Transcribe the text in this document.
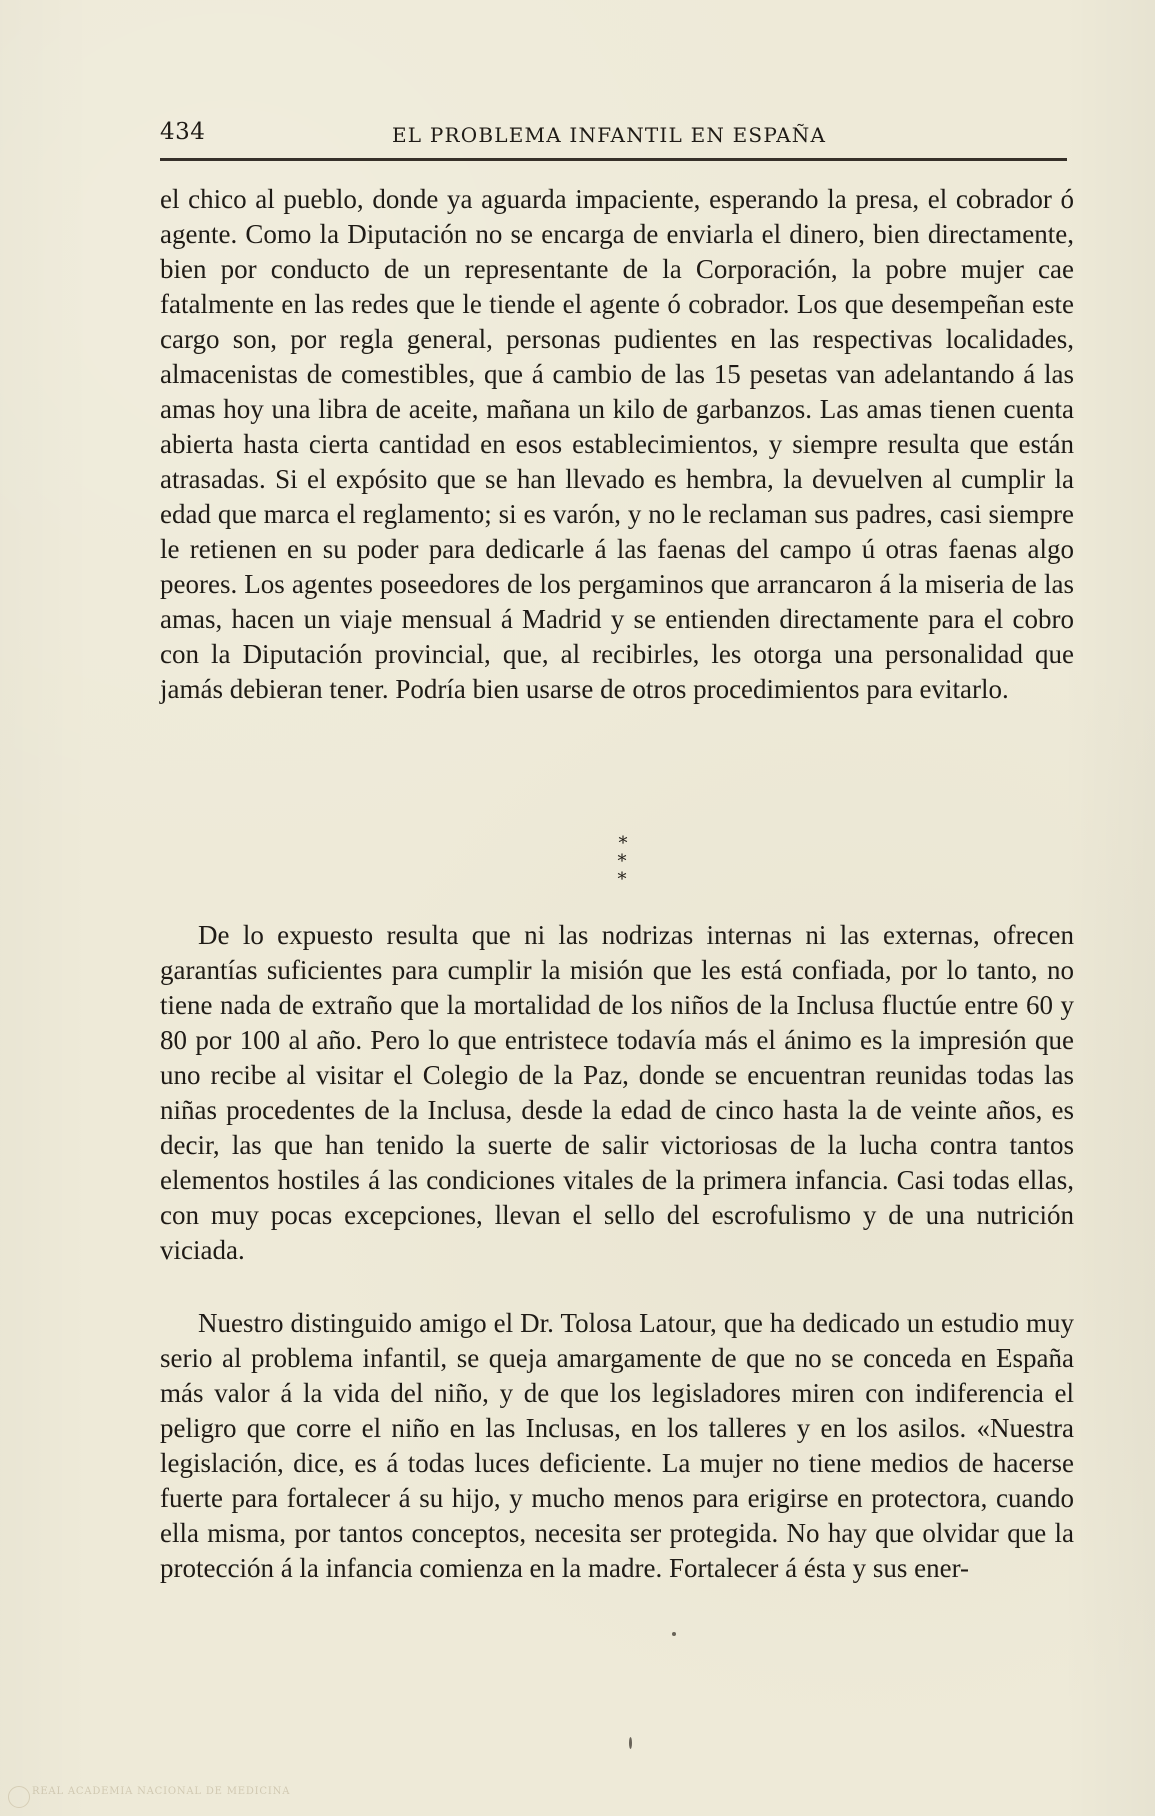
434	EL PROBLEMA INFANTIL EN ESPAÑA
el chico al pueblo, donde ya aguarda impaciente, esperando la presa, el cobrador ó agente. Como la Diputación no se encarga de enviarla el dinero, bien directamente, bien por conducto de un representante de la Corporación, la pobre mujer cae fatalmente en las redes que le tiende el agente ó cobrador. Los que desempeñan este cargo son, por regla general, personas pudientes en las respectivas localidades, almacenistas de comestibles, que á cambio de las 15 pesetas van adelantando á las amas hoy una libra de aceite, mañana un kilo de garbanzos. Las amas tienen cuenta abierta hasta cierta cantidad en esos establecimientos, y siempre resulta que están atrasadas. Si el expósito que se han llevado es hembra, la devuelven al cumplir la edad que marca el reglamento; si es varón, y no le reclaman sus padres, casi siempre le retienen en su poder para dedicarle á las faenas del campo ú otras faenas algo peores. Los agentes poseedores de los pergaminos que arrancaron á la miseria de las amas, hacen un viaje mensual á Madrid y se entienden directamente para el cobro con la Diputación provincial, que, al recibirles, les otorga una personalidad que jamás debieran tener. Podría bien usarse de otros procedimientos para evitarlo.
*
* *
De lo expuesto resulta que ni las nodrizas internas ni las externas, ofrecen garantías suficientes para cumplir la misión que les está confiada, por lo tanto, no tiene nada de extraño que la mortalidad de los niños de la Inclusa fluctúe entre 60 y 80 por 100 al año. Pero lo que entristece todavía más el ánimo es la impresión que uno recibe al visitar el Colegio de la Paz, donde se encuentran reunidas todas las niñas procedentes de la Inclusa, desde la edad de cinco hasta la de veinte años, es decir, las que han tenido la suerte de salir victoriosas de la lucha contra tantos elementos hostiles á las condiciones vitales de la primera infancia. Casi todas ellas, con muy pocas excepciones, llevan el sello del escrofulismo y de una nutrición viciada.
Nuestro distinguido amigo el Dr. Tolosa Latour, que ha dedicado un estudio muy serio al problema infantil, se queja amargamente de que no se conceda en España más valor á la vida del niño, y de que los legisladores miren con indiferencia el peligro que corre el niño en las Inclusas, en los talleres y en los asilos. «Nuestra legislación, dice, es á todas luces deficiente. La mujer no tiene medios de hacerse fuerte para fortalecer á su hijo, y mucho menos para erigirse en protectora, cuando ella misma, por tantos conceptos, necesita ser protegida. No hay que olvidar que la protección á la infancia comienza en la madre. Fortalecer á ésta y sus ener-
REAL ACADEMIA NACIONAL DE MEDICINA
